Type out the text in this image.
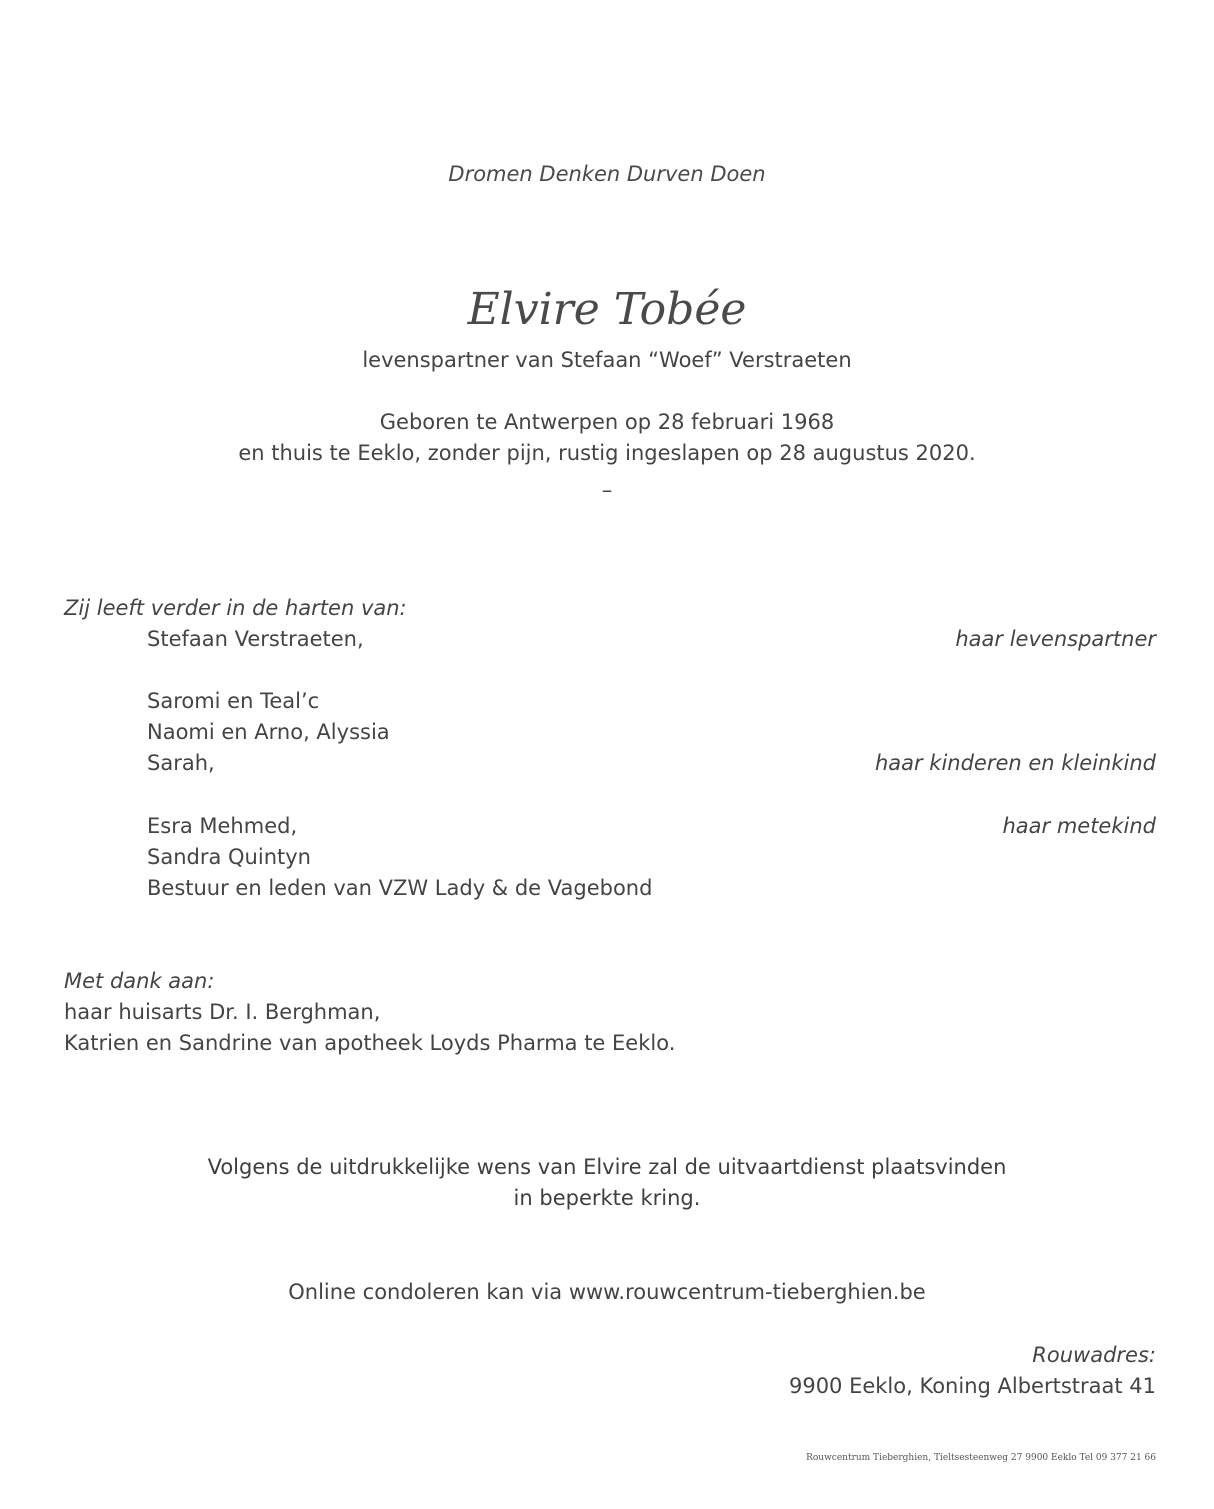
Dromen Denken Durven Doen
Elvire Tobée
levenspartner van Stefaan “Woef” Verstraeten
Geboren te Antwerpen op 28 februari 1968
en thuis te Eeklo, zonder pijn, rustig ingeslapen op 28 augustus 2020.
–
Zij leeft verder in de harten van:
Stefaan Verstraeten,	haar levenspartner
Saromi en Teal’c
Naomi en Arno, Alyssia
Sarah,	haar kinderen en kleinkind
Esra Mehmed,	haar metekind
Sandra Quintyn
Bestuur en leden van VZW Lady & de Vagebond
Met dank aan:
haar huisarts Dr. I. Berghman,
Katrien en Sandrine van apotheek Loyds Pharma te Eeklo.
Volgens de uitdrukkelijke wens van Elvire zal de uitvaartdienst plaatsvinden
in beperkte kring.
Online condoleren kan via www.rouwcentrum-tieberghien.be
Rouwadres:
9900 Eeklo, Koning Albertstraat 41
Rouwcentrum Tieberghien, Tieltsesteenweg 27 9900 Eeklo Tel 09 377 21 66
